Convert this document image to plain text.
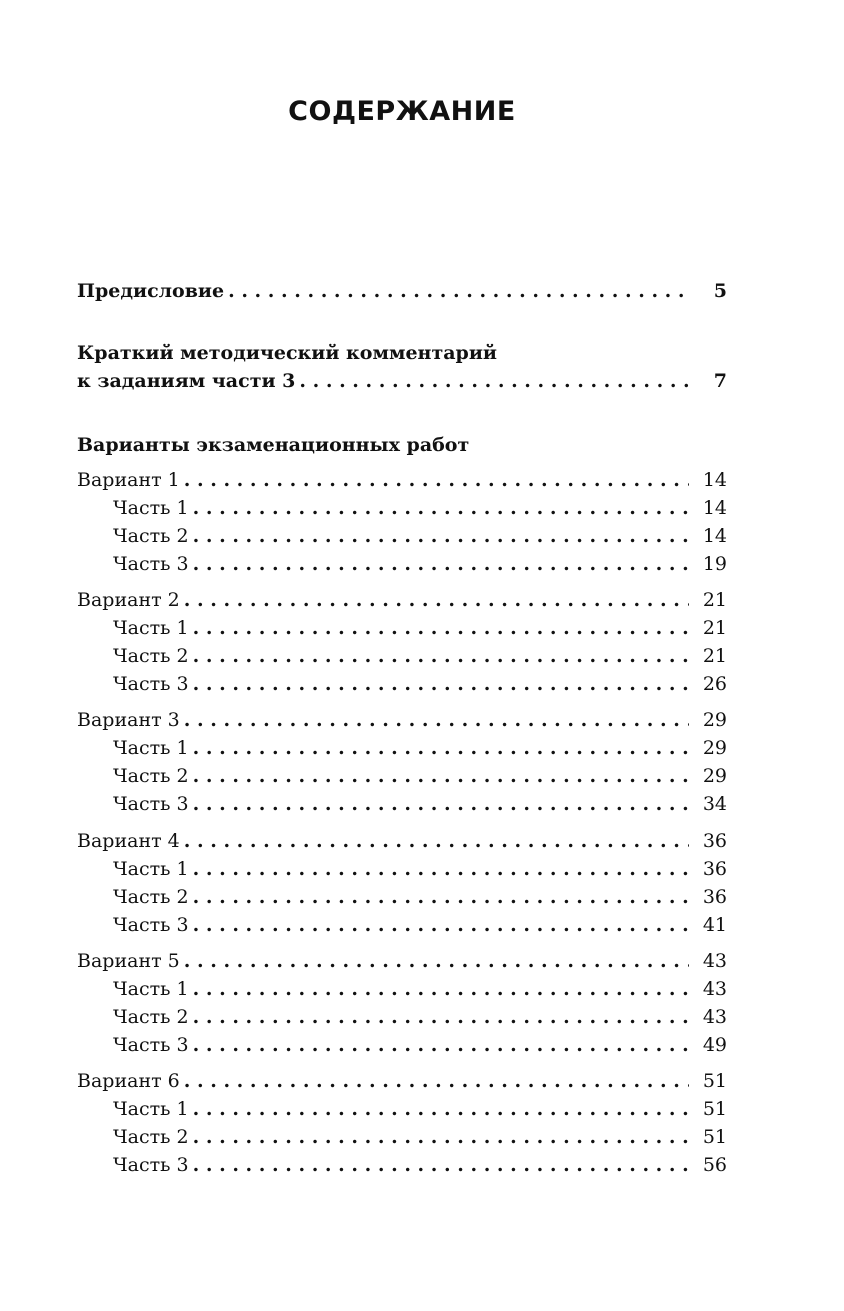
СОДЕРЖАНИЕ
Предисловие . . .	5
Краткий методический комментарий
к заданиям части 3 . . .	7
Варианты экзаменационных работ
Вариант 1 . . .	14
Часть 1 . . .	14
Часть 2 . . .	14
Часть 3 . . .	19
Вариант 2 . . .	21
Часть 1 . . .	21
Часть 2 . . .	21
Часть 3 . . .	26
Вариант 3 . . .	29
Часть 1 . . .	29
Часть 2 . . .	29
Часть 3 . . .	34
Вариант 4 . . .	36
Часть 1 . . .	36
Часть 2 . . .	36
Часть 3 . . .	41
Вариант 5 . . .	43
Часть 1 . . .	43
Часть 2 . . .	43
Часть 3 . . .	49
Вариант 6 . . .	51
Часть 1 . . .	51
Часть 2 . . .	51
Часть 3 . . .	56
